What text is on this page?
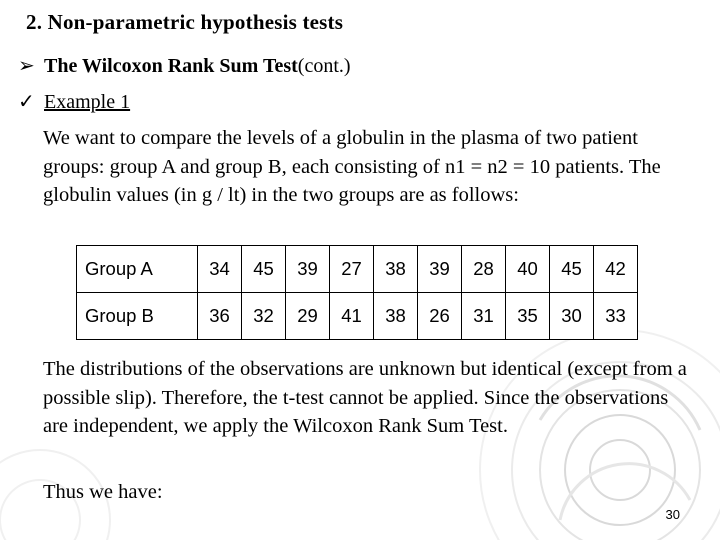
2. Non-parametric hypothesis tests
➢ The Wilcoxon Rank Sum Test (cont.)
✓ Example 1
We want to compare the levels of a globulin in the plasma of two patient groups: group A and group B, each consisting of n1 = n2 = 10 patients. The globulin values (in g / lt) in the two groups are as follows:
Group A	34	45	39	27	38	39	28	40	45	42
Group B	36	32	29	41	38	26	31	35	30	33
The distributions of the observations are unknown but identical (except from a possible slip). Therefore, the t-test cannot be applied. Since the observations are independent, we apply the Wilcoxon Rank Sum Test.
Thus we have:
30
